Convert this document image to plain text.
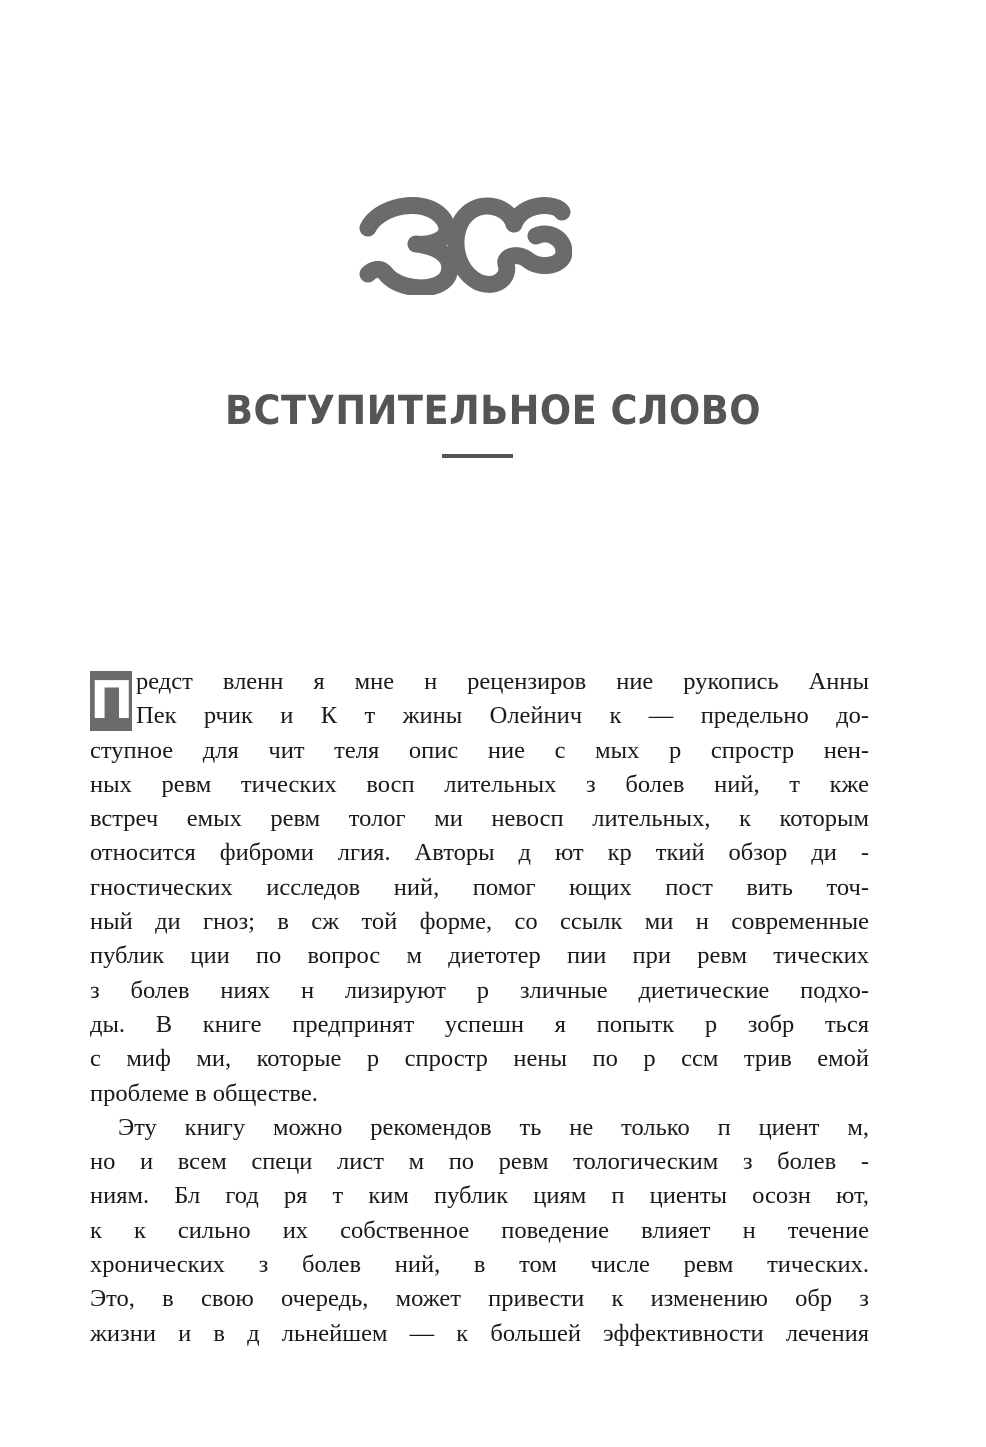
ВСТУПИТЕЛЬНОЕ СЛОВО
П редст вленн я мне н рецензиров ние рукопись Анны
Пек рчик и К т жины Олейнич к — предельно до-
ступное для чит теля опис ние с мых р спростр нен-
ных ревм тических восп лительных з болев ний, т кже
встреч емых ревм толог ми невосп лительных, к которым
относится фиброми лгия. Авторы д ют кр ткий обзор ди -
гностических исследов ний, помог ющих пост вить точ-
ный ди гноз; в сж той форме, со ссылк ми н современные
публик ции по вопрос м диетотер пии при ревм тических
з болев ниях н лизируют р зличные диетические подхо-
ды. В книге предпринят успешн я попытк р зобр ться
с миф ми, которые р спростр нены по р ссм трив емой
проблеме в обществе.
Эту книгу можно рекомендов ть не только п циент м,
но и всем специ лист м по ревм тологическим з болев -
ниям. Бл год ря т ким публик циям п циенты осозн ют,
к к сильно их собственное поведение влияет н течение
хронических з болев ний, в том числе ревм тических.
Это, в свою очередь, может привести к изменению обр з
жизни и в д льнейшем — к большей эффективности лечения
